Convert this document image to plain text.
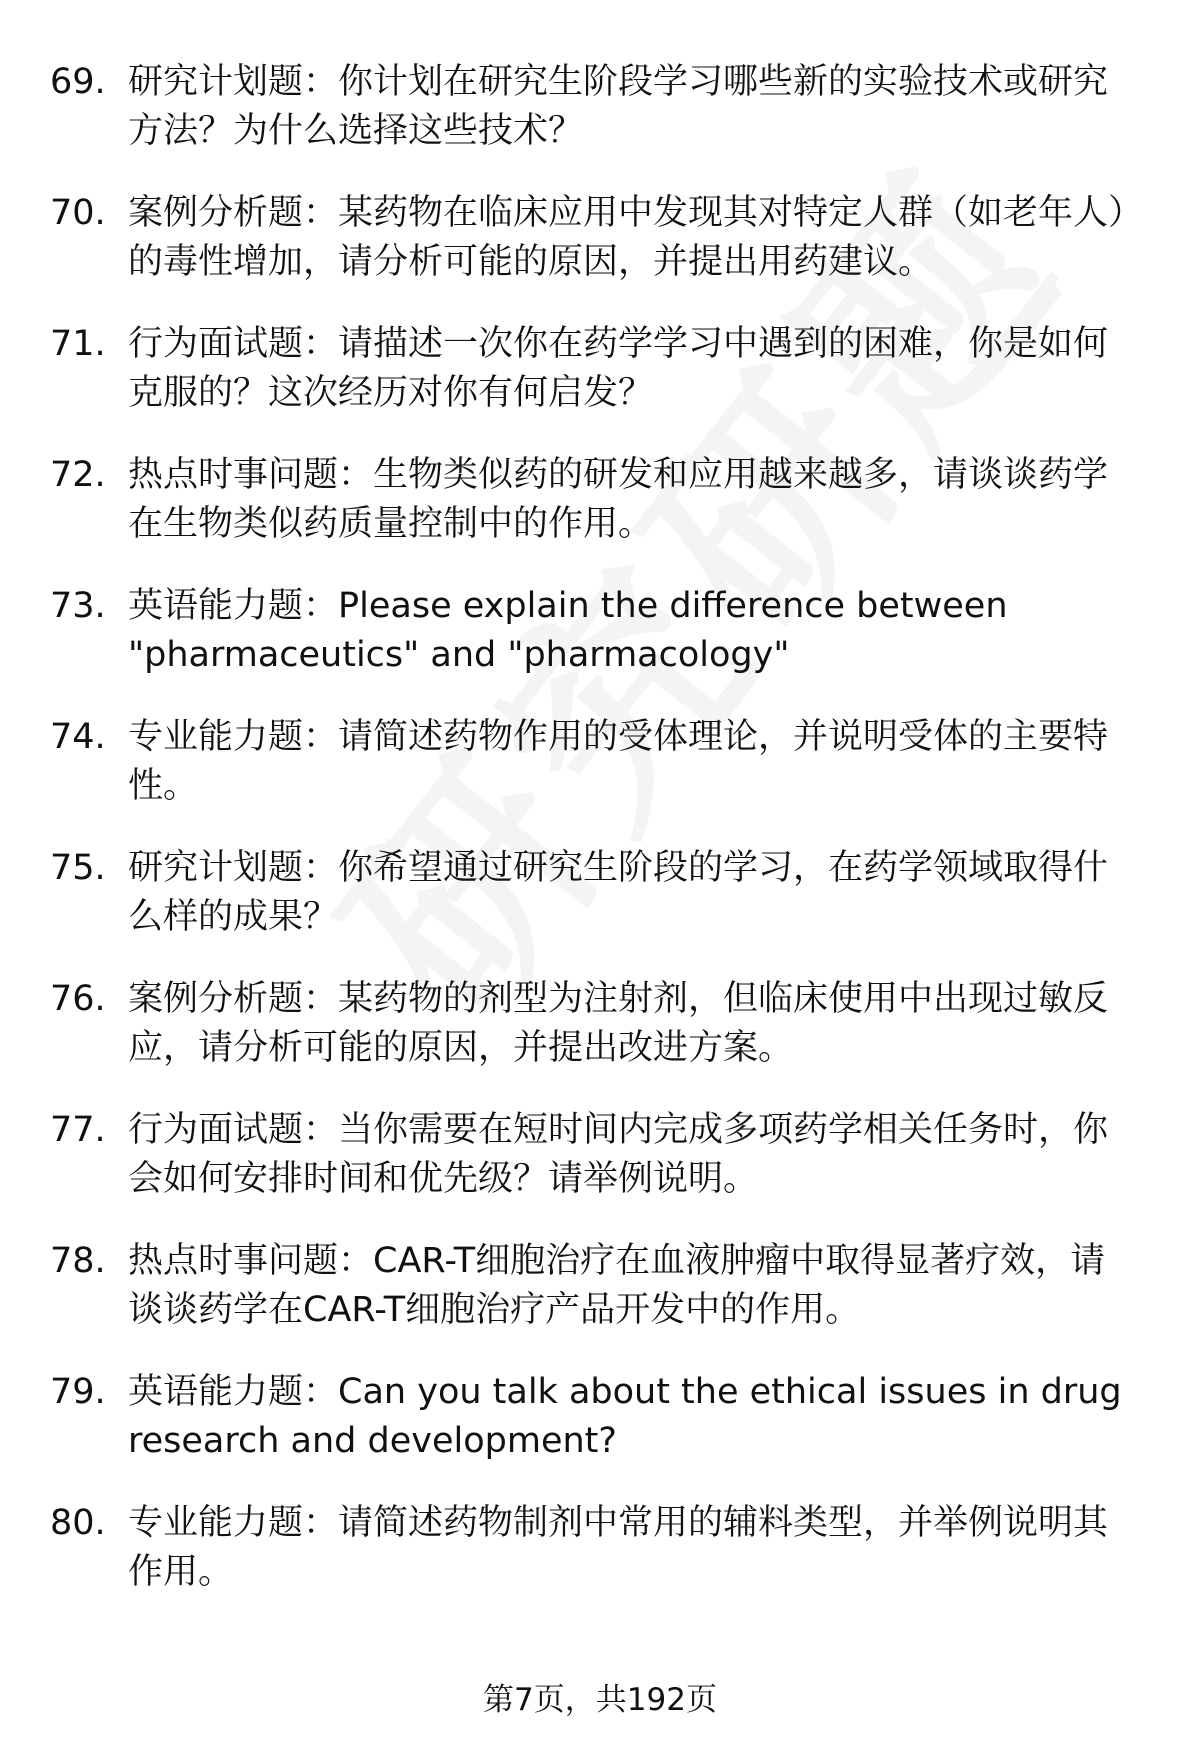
69. 研究计划题：你计划在研究生阶段学习哪些新的实验技术或研究方法？为什么选择这些技术？
70. 案例分析题：某药物在临床应用中发现其对特定人群（如老年人）的毒性增加，请分析可能的原因，并提出用药建议。
71. 行为面试题：请描述一次你在药学学习中遇到的困难，你是如何克服的？这次经历对你有何启发？
72. 热点时事问题：生物类似药的研发和应用越来越多，请谈谈药学在生物类似药质量控制中的作用。
73. 英语能力题：Please explain the difference between "pharmaceutics" and "pharmacology"
74. 专业能力题：请简述药物作用的受体理论，并说明受体的主要特性。
75. 研究计划题：你希望通过研究生阶段的学习，在药学领域取得什么样的成果？
76. 案例分析题：某药物的剂型为注射剂，但临床使用中出现过敏反应，请分析可能的原因，并提出改进方案。
77. 行为面试题：当你需要在短时间内完成多项药学相关任务时，你会如何安排时间和优先级？请举例说明。
78. 热点时事问题：CAR-T细胞治疗在血液肿瘤中取得显著疗效，请谈谈药学在CAR-T细胞治疗产品开发中的作用。
79. 英语能力题：Can you talk about the ethical issues in drug research and development?
80. 专业能力题：请简述药物制剂中常用的辅料类型，并举例说明其作用。
第7页，共192页
